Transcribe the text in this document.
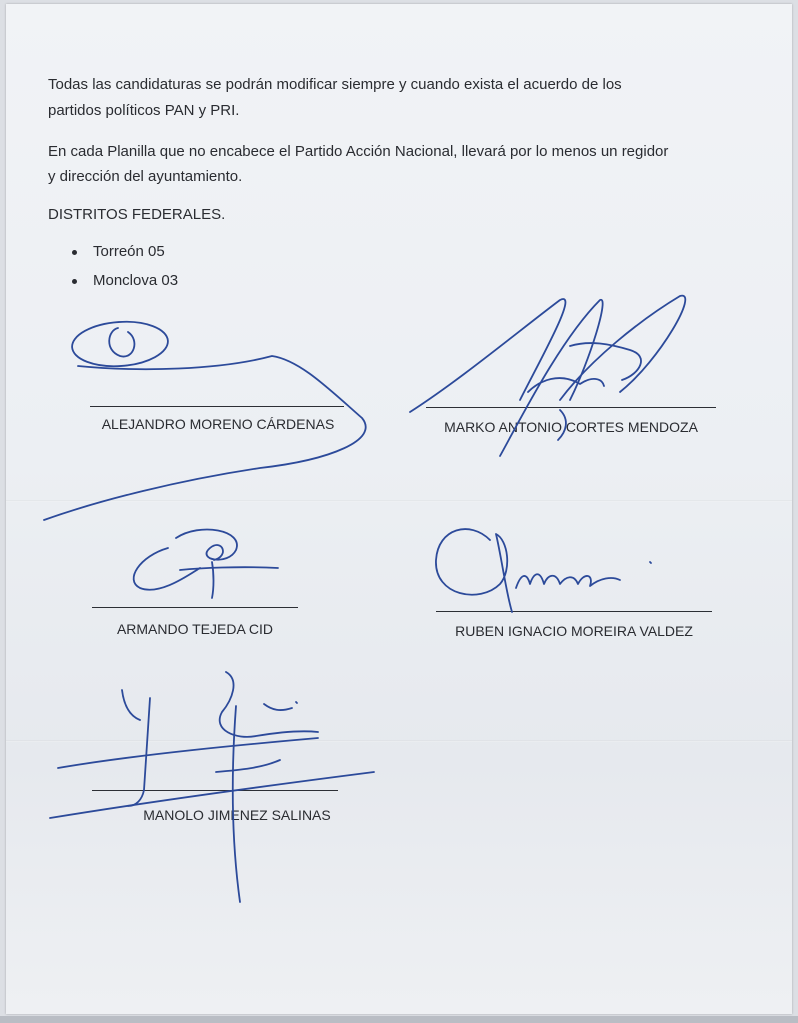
Todas las candidaturas se podrán modificar siempre y cuando exista el acuerdo de los
partidos políticos PAN y PRI.
En cada Planilla que no encabece el Partido Acción Nacional, llevará por lo menos un regidor
y dirección del ayuntamiento.
DISTRITOS FEDERALES.
Torreón 05
Monclova 03
ALEJANDRO MORENO CÁRDENAS	MARKO ANTONIO CORTES MENDOZA
ARMANDO TEJEDA CID	RUBEN IGNACIO MOREIRA VALDEZ
MANOLO JIMENEZ SALINAS
